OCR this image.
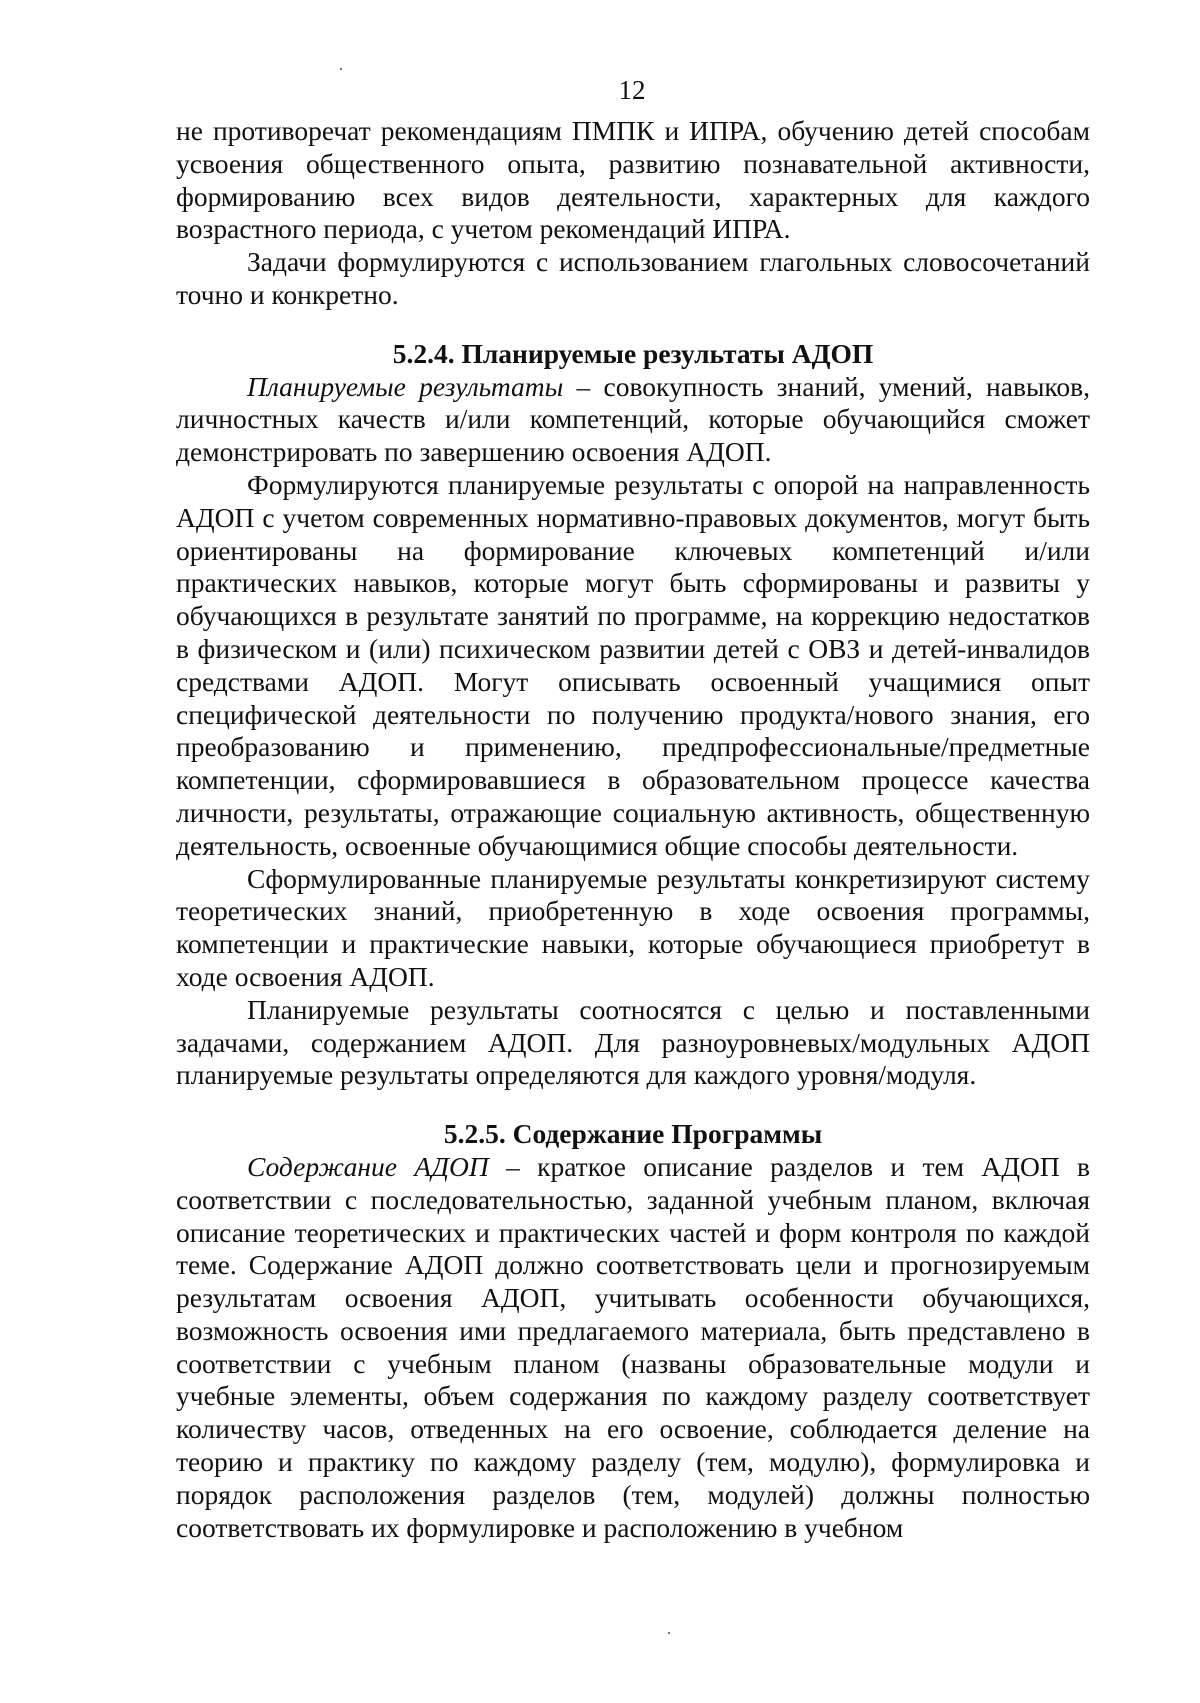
12

не противоречат рекомендациям ПМПК и ИПРА, обучению детей способам усвоения общественного опыта, развитию познавательной активности, формированию всех видов деятельности, характерных для каждого возрастного периода, с учетом рекомендаций ИПРА.

Задачи формулируются с использованием глагольных словосочетаний точно и конкретно.

5.2.4. Планируемые результаты АДОП

Планируемые результаты – совокупность знаний, умений, навыков, личностных качеств и/или компетенций, которые обучающийся сможет демонстрировать по завершению освоения АДОП.

Формулируются планируемые результаты с опорой на направленность АДОП с учетом современных нормативно-правовых документов, могут быть ориентированы на формирование ключевых компетенций и/или практических навыков, которые могут быть сформированы и развиты у обучающихся в результате занятий по программе, на коррекцию недостатков в физическом и (или) психическом развитии детей с ОВЗ и детей-инвалидов средствами АДОП. Могут описывать освоенный учащимися опыт специфической деятельности по получению продукта/нового знания, его преобразованию и применению, предпрофессиональные/предметные компетенции, сформировавшиеся в образовательном процессе качества личности, результаты, отражающие социальную активность, общественную деятельность, освоенные обучающимися общие способы деятельности.

Сформулированные планируемые результаты конкретизируют систему теоретических знаний, приобретенную в ходе освоения программы, компетенции и практические навыки, которые обучающиеся приобретут в ходе освоения АДОП.

Планируемые результаты соотносятся с целью и поставленными задачами, содержанием АДОП. Для разноуровневых/модульных АДОП планируемые результаты определяются для каждого уровня/модуля.

5.2.5. Содержание Программы

Содержание АДОП – краткое описание разделов и тем АДОП в соответствии с последовательностью, заданной учебным планом, включая описание теоретических и практических частей и форм контроля по каждой теме. Содержание АДОП должно соответствовать цели и прогнозируемым результатам освоения АДОП, учитывать особенности обучающихся, возможность освоения ими предлагаемого материала, быть представлено в соответствии с учебным планом (названы образовательные модули и учебные элементы, объем содержания по каждому разделу соответствует количеству часов, отведенных на его освоение, соблюдается деление на теорию и практику по каждому разделу (тем, модулю), формулировка и порядок расположения разделов (тем, модулей) должны полностью соответствовать их формулировке и расположению в учебном
